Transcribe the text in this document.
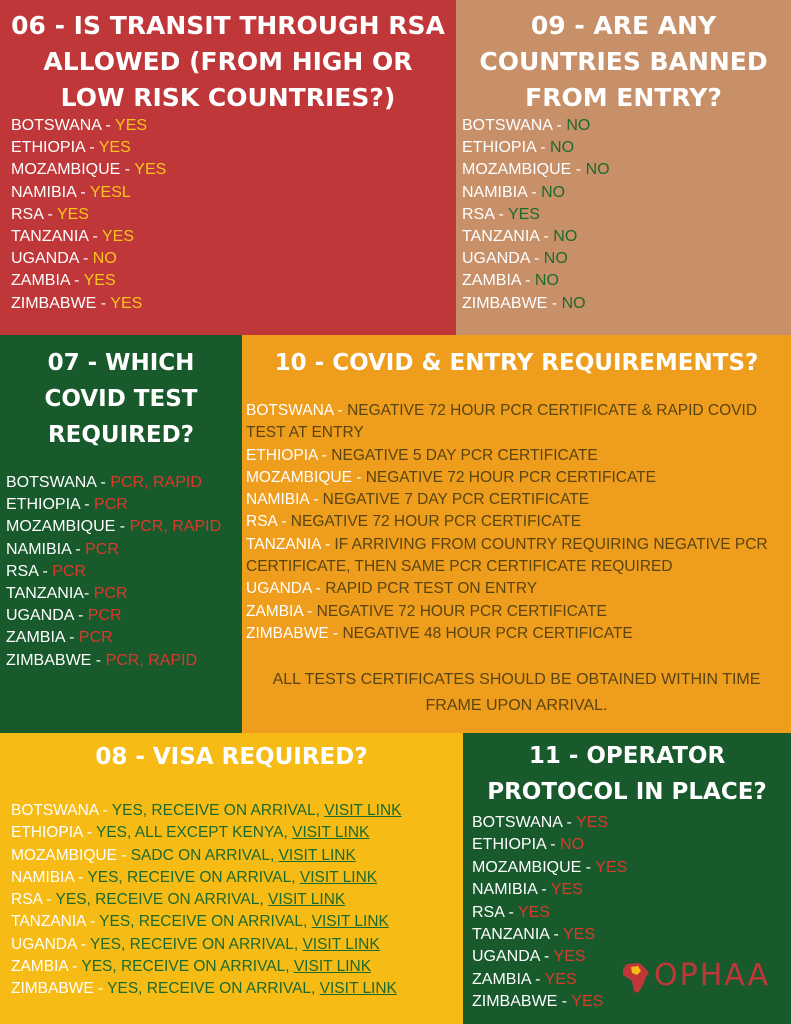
06 - IS TRANSIT THROUGH RSA ALLOWED (FROM HIGH OR LOW RISK COUNTRIES?)
BOTSWANA - YES
ETHIOPIA - YES
MOZAMBIQUE - YES
NAMIBIA - YESL
RSA - YES
TANZANIA - YES
UGANDA - NO
ZAMBIA - YES
ZIMBABWE - YES
09 - ARE ANY COUNTRIES BANNED FROM ENTRY?
BOTSWANA - NO
ETHIOPIA - NO
MOZAMBIQUE - NO
NAMIBIA - NO
RSA - YES
TANZANIA - NO
UGANDA - NO
ZAMBIA - NO
ZIMBABWE - NO
07 - WHICH COVID TEST REQUIRED?
BOTSWANA - PCR, RAPID
ETHIOPIA - PCR
MOZAMBIQUE - PCR, RAPID
NAMIBIA - PCR
RSA - PCR
TANZANIA- PCR
UGANDA - PCR
ZAMBIA - PCR
ZIMBABWE - PCR, RAPID
10 - COVID & ENTRY REQUIREMENTS?
BOTSWANA - NEGATIVE 72 HOUR PCR CERTIFICATE & RAPID COVID TEST AT ENTRY
ETHIOPIA - NEGATIVE 5 DAY PCR CERTIFICATE
MOZAMBIQUE - NEGATIVE 72 HOUR PCR CERTIFICATE
NAMIBIA - NEGATIVE 7 DAY PCR CERTIFICATE
RSA - NEGATIVE 72 HOUR PCR CERTIFICATE
TANZANIA - IF ARRIVING FROM COUNTRY REQUIRING NEGATIVE PCR CERTIFICATE, THEN SAME PCR CERTIFICATE REQUIRED
UGANDA - RAPID PCR TEST ON ENTRY
ZAMBIA - NEGATIVE 72 HOUR PCR CERTIFICATE
ZIMBABWE - NEGATIVE 48 HOUR PCR CERTIFICATE

ALL TESTS CERTIFICATES SHOULD BE OBTAINED WITHIN TIME FRAME UPON ARRIVAL.

08 - VISA REQUIRED?
BOTSWANA - YES, RECEIVE ON ARRIVAL, VISIT LINK
ETHIOPIA - YES, ALL EXCEPT KENYA, VISIT LINK
MOZAMBIQUE - SADC ON ARRIVAL, VISIT LINK
NAMIBIA - YES, RECEIVE ON ARRIVAL, VISIT LINK
RSA - YES, RECEIVE ON ARRIVAL, VISIT LINK
TANZANIA - YES, RECEIVE ON ARRIVAL, VISIT LINK
UGANDA - YES, RECEIVE ON ARRIVAL, VISIT LINK
ZAMBIA - YES, RECEIVE ON ARRIVAL, VISIT LINK
ZIMBABWE - YES, RECEIVE ON ARRIVAL, VISIT LINK
11 - OPERATOR PROTOCOL IN PLACE?
BOTSWANA - YES
ETHIOPIA - NO
MOZAMBIQUE - YES
NAMIBIA - YES
RSA - YES
TANZANIA - YES
UGANDA - YES
ZAMBIA - YES
ZIMBABWE - YES
OPHAA
